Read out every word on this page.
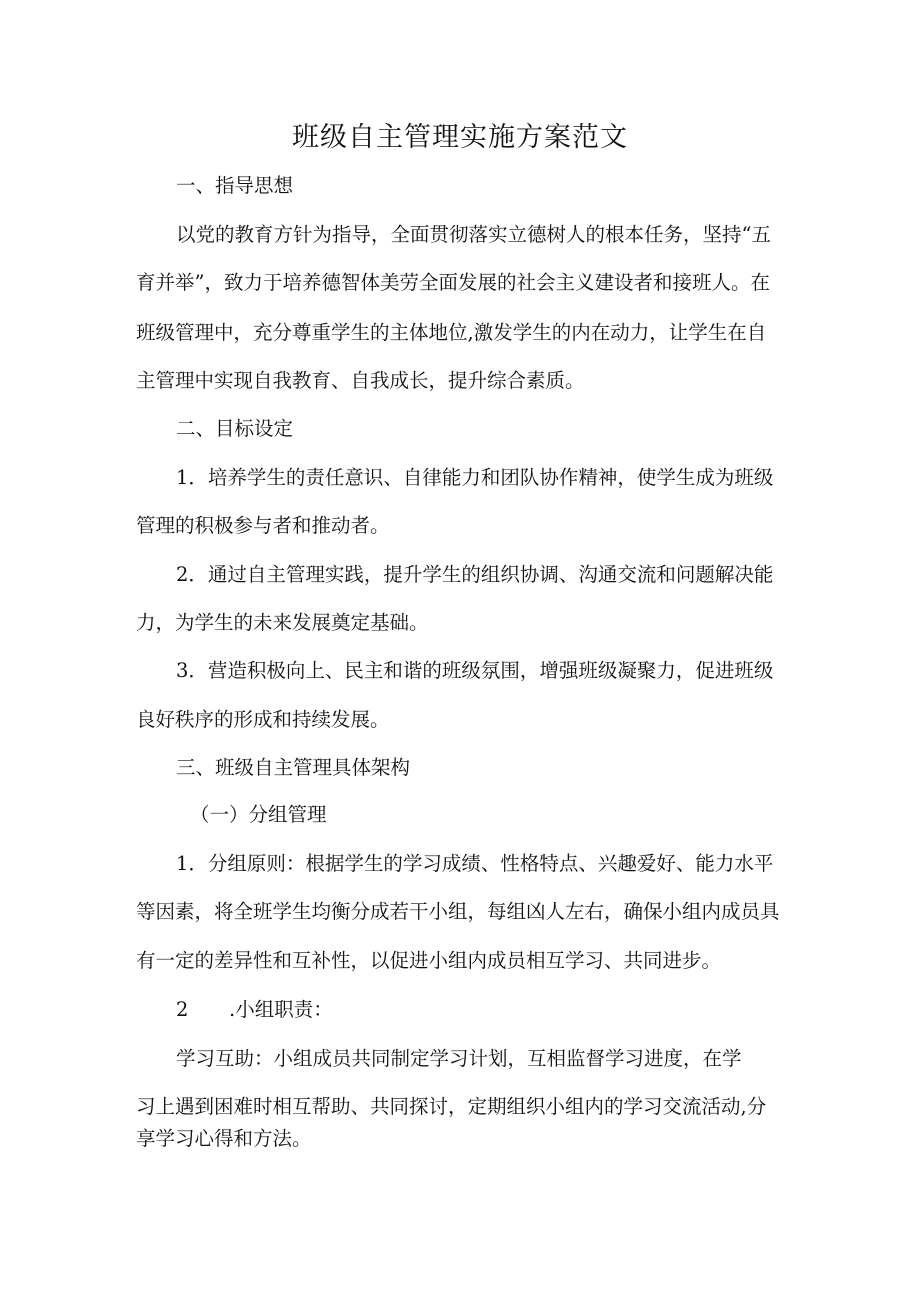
班级自主管理实施方案范文
一、指导思想
以党的教育方针为指导，全面贯彻落实立德树人的根本任务，坚持“五
育并举”，致力于培养德智体美劳全面发展的社会主义建设者和接班人。在
班级管理中，充分尊重学生的主体地位,激发学生的内在动力，让学生在自
主管理中实现自我教育、自我成长，提升综合素质。
二、目标设定
1．培养学生的责任意识、自律能力和团队协作精神，使学生成为班级
管理的积极参与者和推动者。
2．通过自主管理实践，提升学生的组织协调、沟通交流和问题解决能
力，为学生的未来发展奠定基础。
3．营造积极向上、民主和谐的班级氛围，增强班级凝聚力，促进班级
良好秩序的形成和持续发展。
三、班级自主管理具体架构
（一）分组管理
1．分组原则：根据学生的学习成绩、性格特点、兴趣爱好、能力水平
等因素，将全班学生均衡分成若干小组，每组凶人左右，确保小组内成员具
有一定的差异性和互补性，以促进小组内成员相互学习、共同进步。
2 .小组职责：
学习互助：小组成员共同制定学习计划，互相监督学习进度，在学
习上遇到困难时相互帮助、共同探讨，定期组织小组内的学习交流活动,分
享学习心得和方法。
